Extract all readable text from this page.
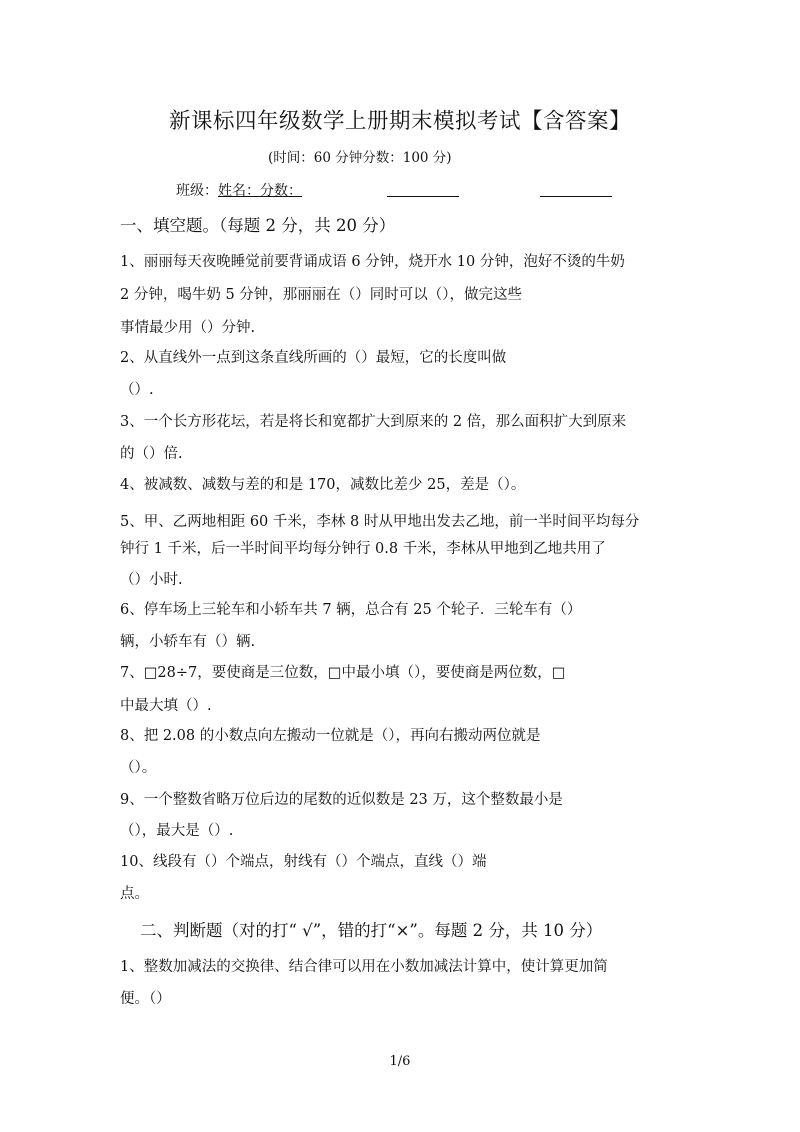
新课标四年级数学上册期末模拟考试【含答案】
(时间：60 分钟分数：100 分)
班级：姓名：分数：
一、填空题。（每题 2 分，共 20 分）
1、丽丽每天夜晚睡觉前要背诵成语 6 分钟，烧开水 10 分钟，泡好不烫的牛奶
2 分钟，喝牛奶 5 分钟，那丽丽在（）同时可以（），做完这些
事情最少用（）分钟.
2、从直线外一点到这条直线所画的（）最短，它的长度叫做
（）.
3、一个长方形花坛，若是将长和宽都扩大到原来的 2 倍，那么面积扩大到原来
的（）倍.
4、被减数、减数与差的和是 170，减数比差少 25，差是（）。
5、甲、乙两地相距 60 千米，李林 8 时从甲地出发去乙地，前一半时间平均每分
钟行 1 千米，后一半时间平均每分钟行 0.8 千米，李林从甲地到乙地共用了
（）小时.
6、停车场上三轮车和小轿车共 7 辆，总合有 25 个轮子．三轮车有（）
辆，小轿车有（）辆.
7、□28÷7，要使商是三位数，□中最小填（），要使商是两位数，□
中最大填（）.
8、把 2.08 的小数点向左搬动一位就是（），再向右搬动两位就是
（）。
9、一个整数省略万位后边的尾数的近似数是 23 万，这个整数最小是
（），最大是（）.
10、线段有（）个端点，射线有（）个端点，直线（）端
点。
二、判断题（对的打“ √”，错的打“×”。每题 2 分，共 10 分）
1、整数加减法的交换律、结合律可以用在小数加减法计算中，使计算更加简
便。（）
1/6
